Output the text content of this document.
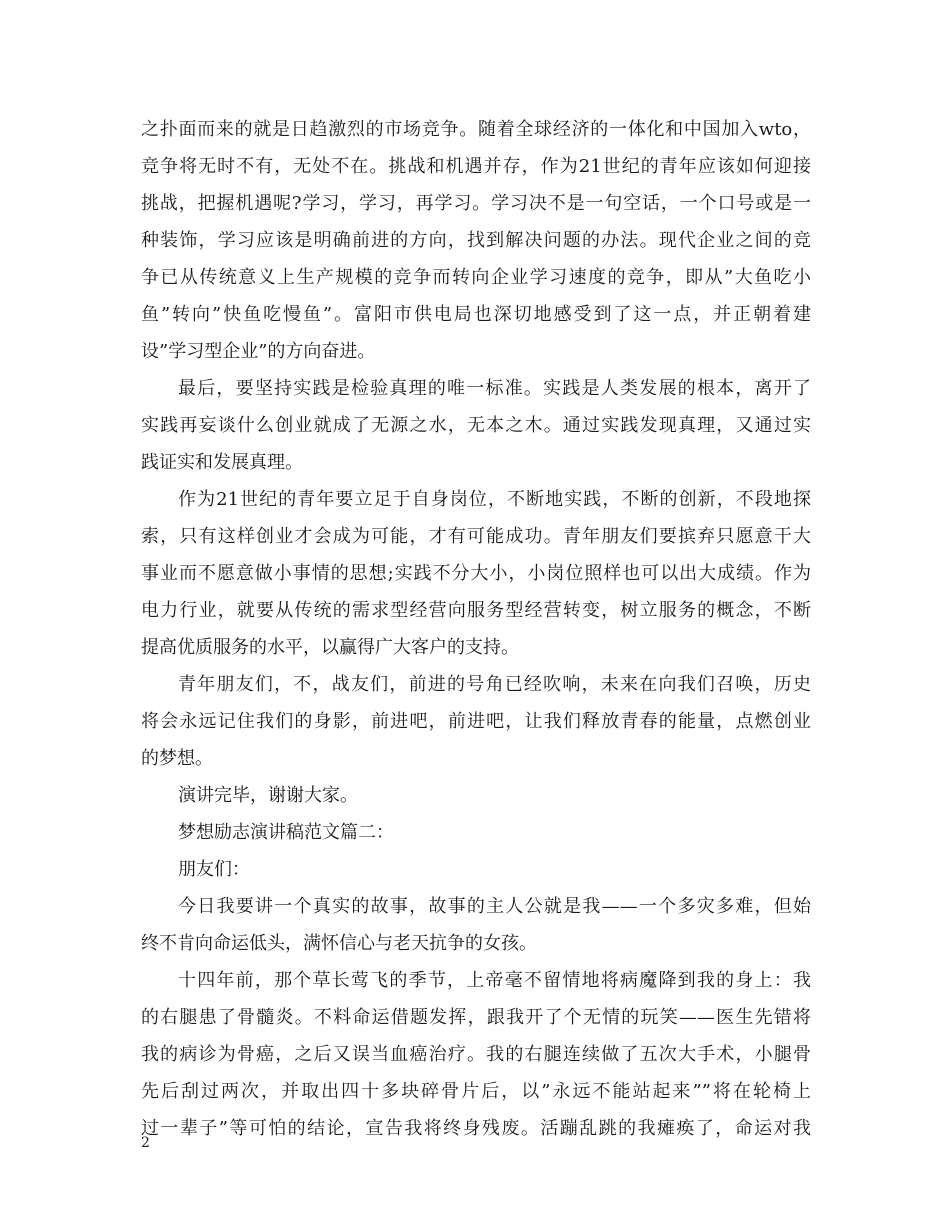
之扑面而来的就是日趋激烈的市场竞争。随着全球经济的一体化和中国加入wto，
竞争将无时不有，无处不在。挑战和机遇并存，作为21世纪的青年应该如何迎接
挑战，把握机遇呢?学习，学习，再学习。学习决不是一句空话，一个口号或是一
种装饰，学习应该是明确前进的方向，找到解决问题的办法。现代企业之间的竞
争已从传统意义上生产规模的竞争而转向企业学习速度的竞争，即从”大鱼吃小
鱼”转向”快鱼吃慢鱼”。富阳市供电局也深切地感受到了这一点，并正朝着建
设”学习型企业”的方向奋进。
最后，要坚持实践是检验真理的唯一标准。实践是人类发展的根本，离开了
实践再妄谈什么创业就成了无源之水，无本之木。通过实践发现真理，又通过实
践证实和发展真理。
作为21世纪的青年要立足于自身岗位，不断地实践，不断的创新，不段地探
索，只有这样创业才会成为可能，才有可能成功。青年朋友们要摈弃只愿意干大
事业而不愿意做小事情的思想;实践不分大小，小岗位照样也可以出大成绩。作为
电力行业，就要从传统的需求型经营向服务型经营转变，树立服务的概念，不断
提高优质服务的水平，以赢得广大客户的支持。
青年朋友们，不，战友们，前进的号角已经吹响，未来在向我们召唤，历史
将会永远记住我们的身影，前进吧，前进吧，让我们释放青春的能量，点燃创业
的梦想。
演讲完毕，谢谢大家。
梦想励志演讲稿范文篇二：
朋友们：
今日我要讲一个真实的故事，故事的主人公就是我——一个多灾多难，但始
终不肯向命运低头，满怀信心与老天抗争的女孩。
十四年前，那个草长莺飞的季节，上帝毫不留情地将病魔降到我的身上：我
的右腿患了骨髓炎。不料命运借题发挥，跟我开了个无情的玩笑——医生先错将
我的病诊为骨癌，之后又误当血癌治疗。我的右腿连续做了五次大手术，小腿骨
先后刮过两次，并取出四十多块碎骨片后，以”永远不能站起来””将在轮椅上
过一辈子”等可怕的结论，宣告我将终身残废。活蹦乱跳的我瘫痪了，命运对我
2
